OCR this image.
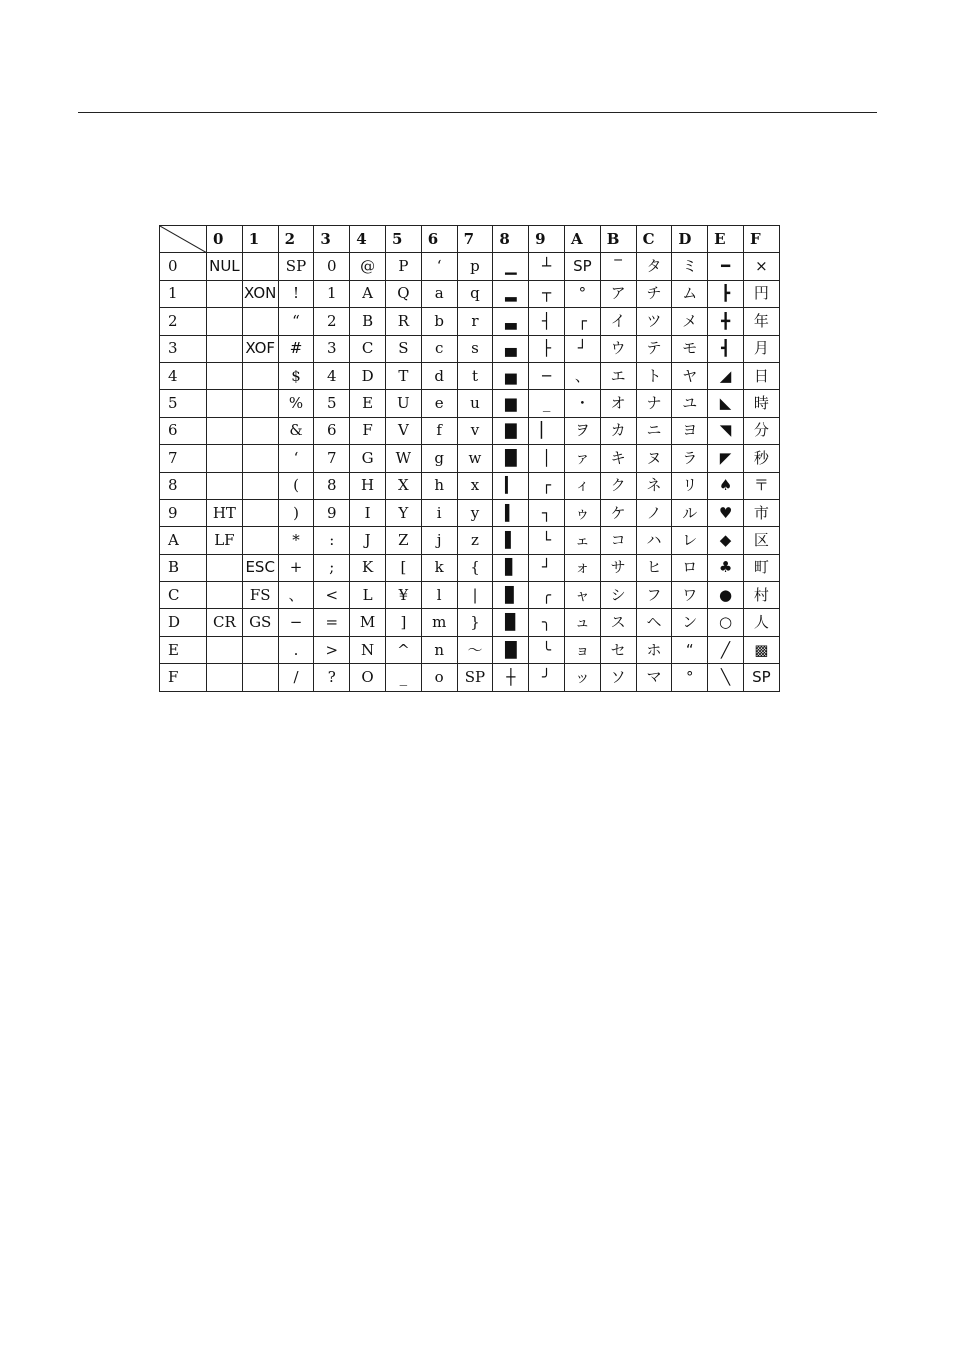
	0	1	2	3	4	5	6	7	8	9	A	B	C	D	E	F
0	NUL		SP	0	@	P	‘	p	▁	┴	SP	‾	タ	ミ	━	×
1		XON	!	1	A	Q	a	q	▂	┬	°	ア	チ	ム	┣	円
2			“	2	B	R	b	r	▃	┤	┌	イ	ツ	メ	╋	年
3		XOF	#	3	C	S	c	s	▄	├	┘	ウ	テ	モ	┫	月
4			$	4	D	T	d	t	▅	─	、	エ	ト	ヤ	◢	日
5			%	5	E	U	e	u	▆	_	・	オ	ナ	ユ	◣	時
6			&	6	F	V	f	v	▇	▏	ヲ	カ	ニ	ヨ	◥	分
7			‘	7	G	W	g	w	█	│	ァ	キ	ヌ	ラ	◤	秒
8			(	8	H	X	h	x	▎	┌	ィ	ク	ネ	リ	♠	〒
9	HT		)	9	I	Y	i	y	▍	┐	ゥ	ケ	ノ	ル	♥	市
A	LF		*	:	J	Z	j	z	▌	└	ェ	コ	ハ	レ	◆	区
B		ESC	+	;	K	[	k	{	▋	┘	ォ	サ	ヒ	ロ	♣	町
C		FS	、	<	L	¥	l	|	▊	╭	ャ	シ	フ	ワ	●	村
D	CR	GS	−	=	M	]	m	}	▉	╮	ュ	ス	ヘ	ン	○	人
E			.	>	N	^	n	～	█	╰	ョ	セ	ホ	“	╱	▩
F			/	?	O	_	o	SP	┼	╯	ッ	ソ	マ	°	╲	SP
